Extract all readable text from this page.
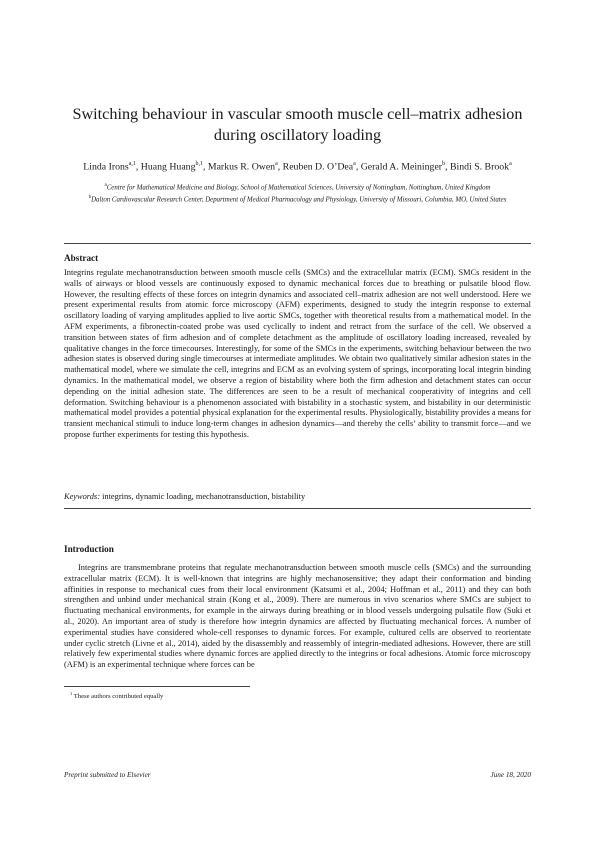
Switching behaviour in vascular smooth muscle cell–matrix adhesion during oscillatory loading
Linda Irons$^{a,1}$, Huang Huang$^{b,1}$, Markus R. Owen$^a$, Reuben D. O’Dea$^a$, Gerald A. Meininger$^b$, Bindi S. Brook$^a$
$^a$Centre for Mathematical Medicine and Biology, School of Mathematical Sciences, University of Nottingham, Nottingham, United Kingdom
$^b$Dalton Cardiovascular Research Center, Department of Medical Pharmacology and Physiology, University of Missouri, Columbia, MO, United States
Abstract
Integrins regulate mechanotransduction between smooth muscle cells (SMCs) and the extracellular matrix (ECM). SMCs resident in the walls of airways or blood vessels are continuously exposed to dynamic mechanical forces due to breathing or pulsatile blood flow. However, the resulting effects of these forces on integrin dynamics and associated cell–matrix adhesion are not well understood. Here we present experimental results from atomic force microscopy (AFM) experiments, designed to study the integrin response to external oscillatory loading of varying amplitudes applied to live aortic SMCs, together with theoretical results from a mathematical model. In the AFM experiments, a fibronectin-coated probe was used cyclically to indent and retract from the surface of the cell. We observed a transition between states of firm adhesion and of complete detachment as the amplitude of oscillatory loading increased, revealed by qualitative changes in the force timecourses. Interestingly, for some of the SMCs in the experiments, switching behaviour between the two adhesion states is observed during single timecourses at intermediate amplitudes. We obtain two qualitatively similar adhesion states in the mathematical model, where we simulate the cell, integrins and ECM as an evolving system of springs, incorporating local integrin binding dynamics. In the mathematical model, we observe a region of bistability where both the firm adhesion and detachment states can occur depending on the initial adhesion state. The differences are seen to be a result of mechanical cooperativity of integrins and cell deformation. Switching behaviour is a phenomenon associated with bistability in a stochastic system, and bistability in our deterministic mathematical model provides a potential physical explanation for the experimental results. Physiologically, bistability provides a means for transient mechanical stimuli to induce long-term changes in adhesion dynamics—and thereby the cells’ ability to transmit force—and we propose further experiments for testing this hypothesis.
Keywords: integrins, dynamic loading, mechanotransduction, bistability
Introduction
Integrins are transmembrane proteins that regulate mechanotransduction between smooth muscle cells (SMCs) and the surrounding extracellular matrix (ECM). It is well-known that integrins are highly mechanosensitive; they adapt their conformation and binding affinities in response to mechanical cues from their local environment (Katsumi et al., 2004; Hoffman et al., 2011) and they can both strengthen and unbind under mechanical strain (Kong et al., 2009). There are numerous in vivo scenarios where SMCs are subject to fluctuating mechanical environments, for example in the airways during breathing or in blood vessels undergoing pulsatile flow (Suki et al., 2020). An important area of study is therefore how integrin dynamics are affected by fluctuating mechanical forces. A number of experimental studies have considered whole-cell responses to dynamic forces. For example, cultured cells are observed to reorientate under cyclic stretch (Livne et al., 2014), aided by the disassembly and reassembly of integrin-mediated adhesions. However, there are still relatively few experimental studies where dynamic forces are applied directly to the integrins or focal adhesions. Atomic force microscopy (AFM) is an experimental technique where forces can be
$^1$ These authors contributed equally
Preprint submitted to Elsevier	June 18, 2020
